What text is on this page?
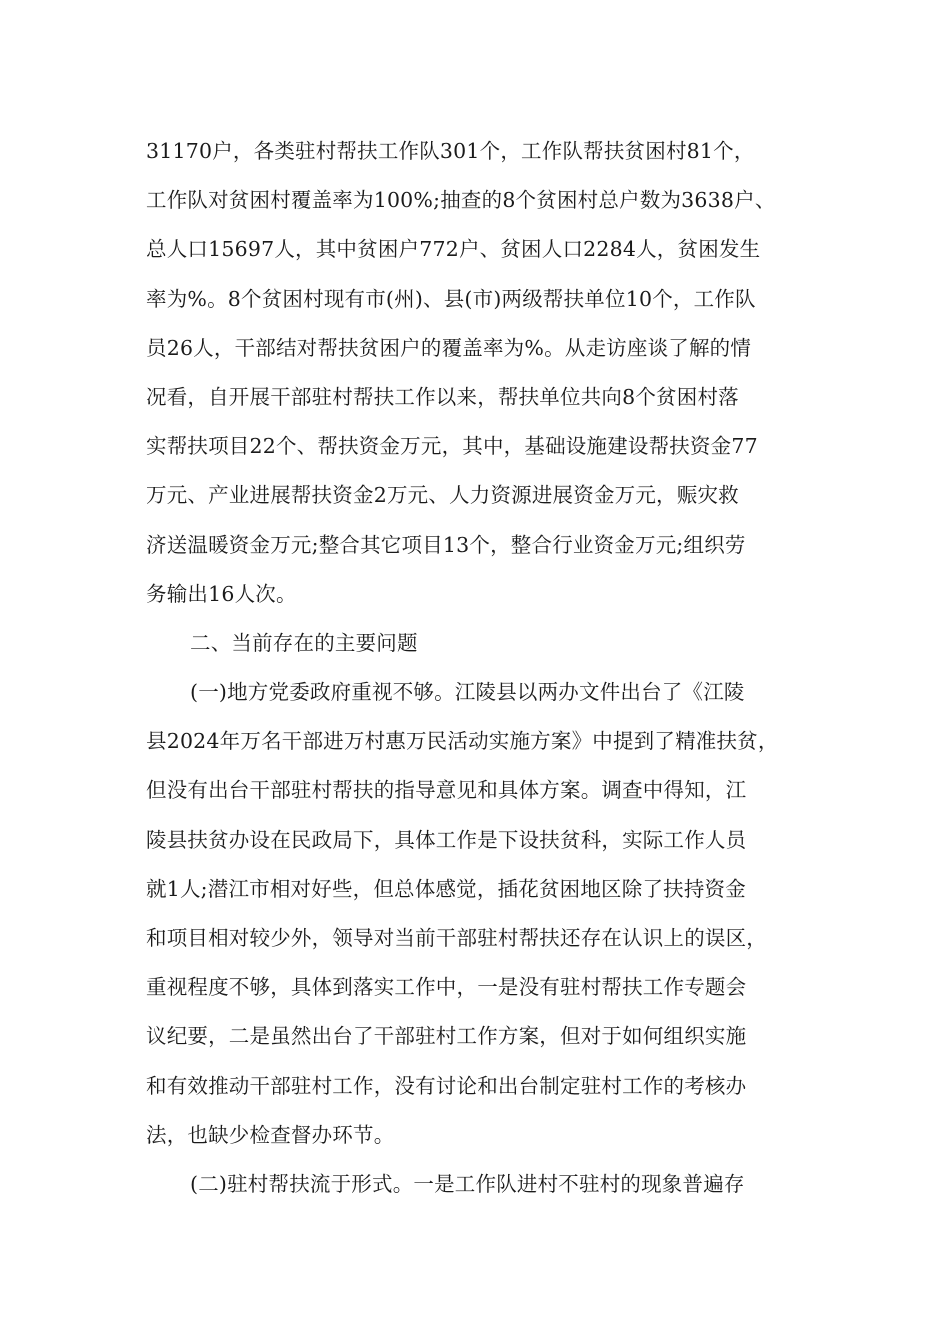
31170户，各类驻村帮扶工作队301个，工作队帮扶贫困村81个，
工作队对贫困村覆盖率为100%;抽查的8个贫困村总户数为3638户、
总人口15697人，其中贫困户772户、贫困人口2284人，贫困发生
率为%。8个贫困村现有市(州)、县(市)两级帮扶单位10个，工作队
员26人，干部结对帮扶贫困户的覆盖率为%。从走访座谈了解的情
况看，自开展干部驻村帮扶工作以来，帮扶单位共向8个贫困村落
实帮扶项目22个、帮扶资金万元，其中，基础设施建设帮扶资金77
万元、产业进展帮扶资金2万元、人力资源进展资金万元，赈灾救
济送温暖资金万元;整合其它项目13个，整合行业资金万元;组织劳
务输出16人次。
二、当前存在的主要问题
(一)地方党委政府重视不够。江陵县以两办文件出台了《江陵
县2024年万名干部进万村惠万民活动实施方案》中提到了精准扶贫，
但没有出台干部驻村帮扶的指导意见和具体方案。调查中得知，江
陵县扶贫办设在民政局下，具体工作是下设扶贫科，实际工作人员
就1人;潜江市相对好些，但总体感觉，插花贫困地区除了扶持资金
和项目相对较少外，领导对当前干部驻村帮扶还存在认识上的误区，
重视程度不够，具体到落实工作中，一是没有驻村帮扶工作专题会
议纪要，二是虽然出台了干部驻村工作方案，但对于如何组织实施
和有效推动干部驻村工作，没有讨论和出台制定驻村工作的考核办
法，也缺少检查督办环节。
(二)驻村帮扶流于形式。一是工作队进村不驻村的现象普遍存
